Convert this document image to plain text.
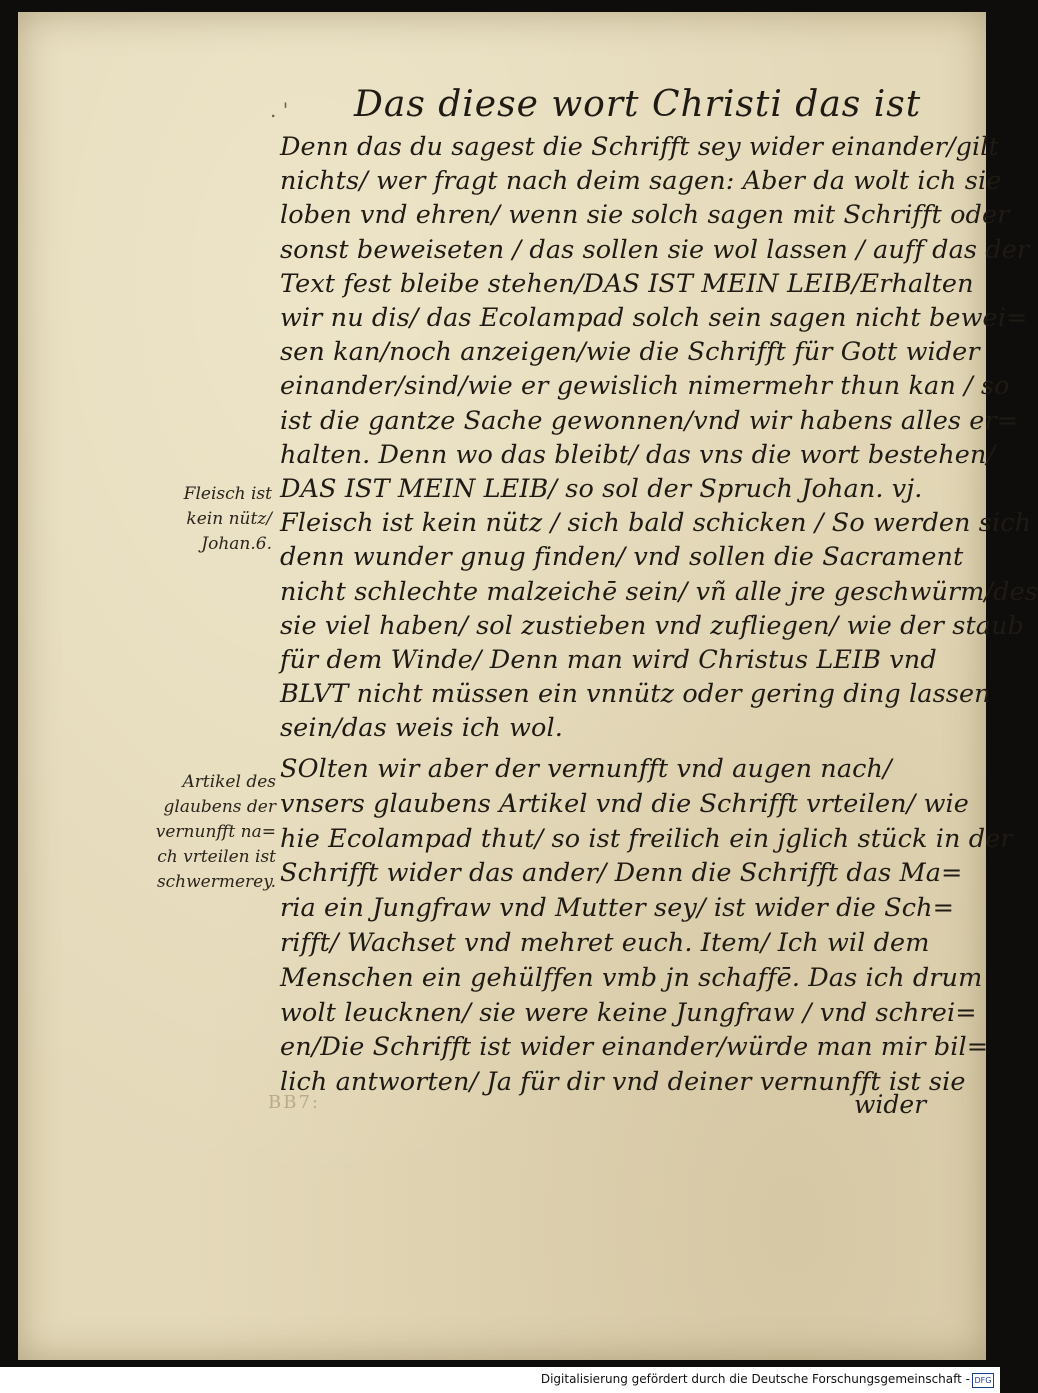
. ' Das diese wort Christi das ist
Fleisch ist
kein nütz/
Johan.6.
Denn das du sagest die Schrifft sey wider einander/gilt
nichts/ wer fragt nach deim sagen: Aber da wolt ich sie
loben vnd ehren/ wenn sie solch sagen mit Schrifft oder
sonst beweiseten / das sollen sie wol lassen / auff das der
Text fest bleibe stehen/DAS IST MEIN LEIB/Erhalten
wir nu dis/ das Ecolampad solch sein sagen nicht bewei=
sen kan/noch anzeigen/wie die Schrifft für Gott wider
einander/sind/wie er gewislich nimermehr thun kan / so
ist die gantze Sache gewonnen/vnd wir habens alles er=
halten. Denn wo das bleibt/ das vns die wort bestehen/
DAS IST MEIN LEIB/ so sol der Spruch Johan. vj.
Fleisch ist kein nütz / sich bald schicken / So werden sich
denn wunder gnug finden/ vnd sollen die Sacrament
nicht schlechte malzeichē sein/ vñ alle jre geschwürm/des
sie viel haben/ sol zustieben vnd zufliegen/ wie der staub
für dem Winde/ Denn man wird Christus LEIB vnd
BLVT nicht müssen ein vnnütz oder gering ding lassen
sein/das weis ich wol.
Artikel des
glaubens der
vernunfft na=
ch vrteilen ist
schwermerey.
SOlten wir aber der vernunfft vnd augen nach/
vnsers glaubens Artikel vnd die Schrifft vrteilen/ wie
hie Ecolampad thut/ so ist freilich ein jglich stück in der
Schrifft wider das ander/ Denn die Schrifft das Ma=
ria ein Jungfraw vnd Mutter sey/ ist wider die Sch=
rifft/ Wachset vnd mehret euch. Item/ Ich wil dem
Menschen ein gehülffen vmb jn schaffē. Das ich drum
wolt leucknen/ sie were keine Jungfraw / vnd schrei=
en/Die Schrifft ist wider einander/würde man mir bil=
lich antworten/ Ja für dir vnd deiner vernunfft ist sie
BB7:	wider
Digitalisierung gefördert durch die Deutsche Forschungsgemeinschaft - DFG
